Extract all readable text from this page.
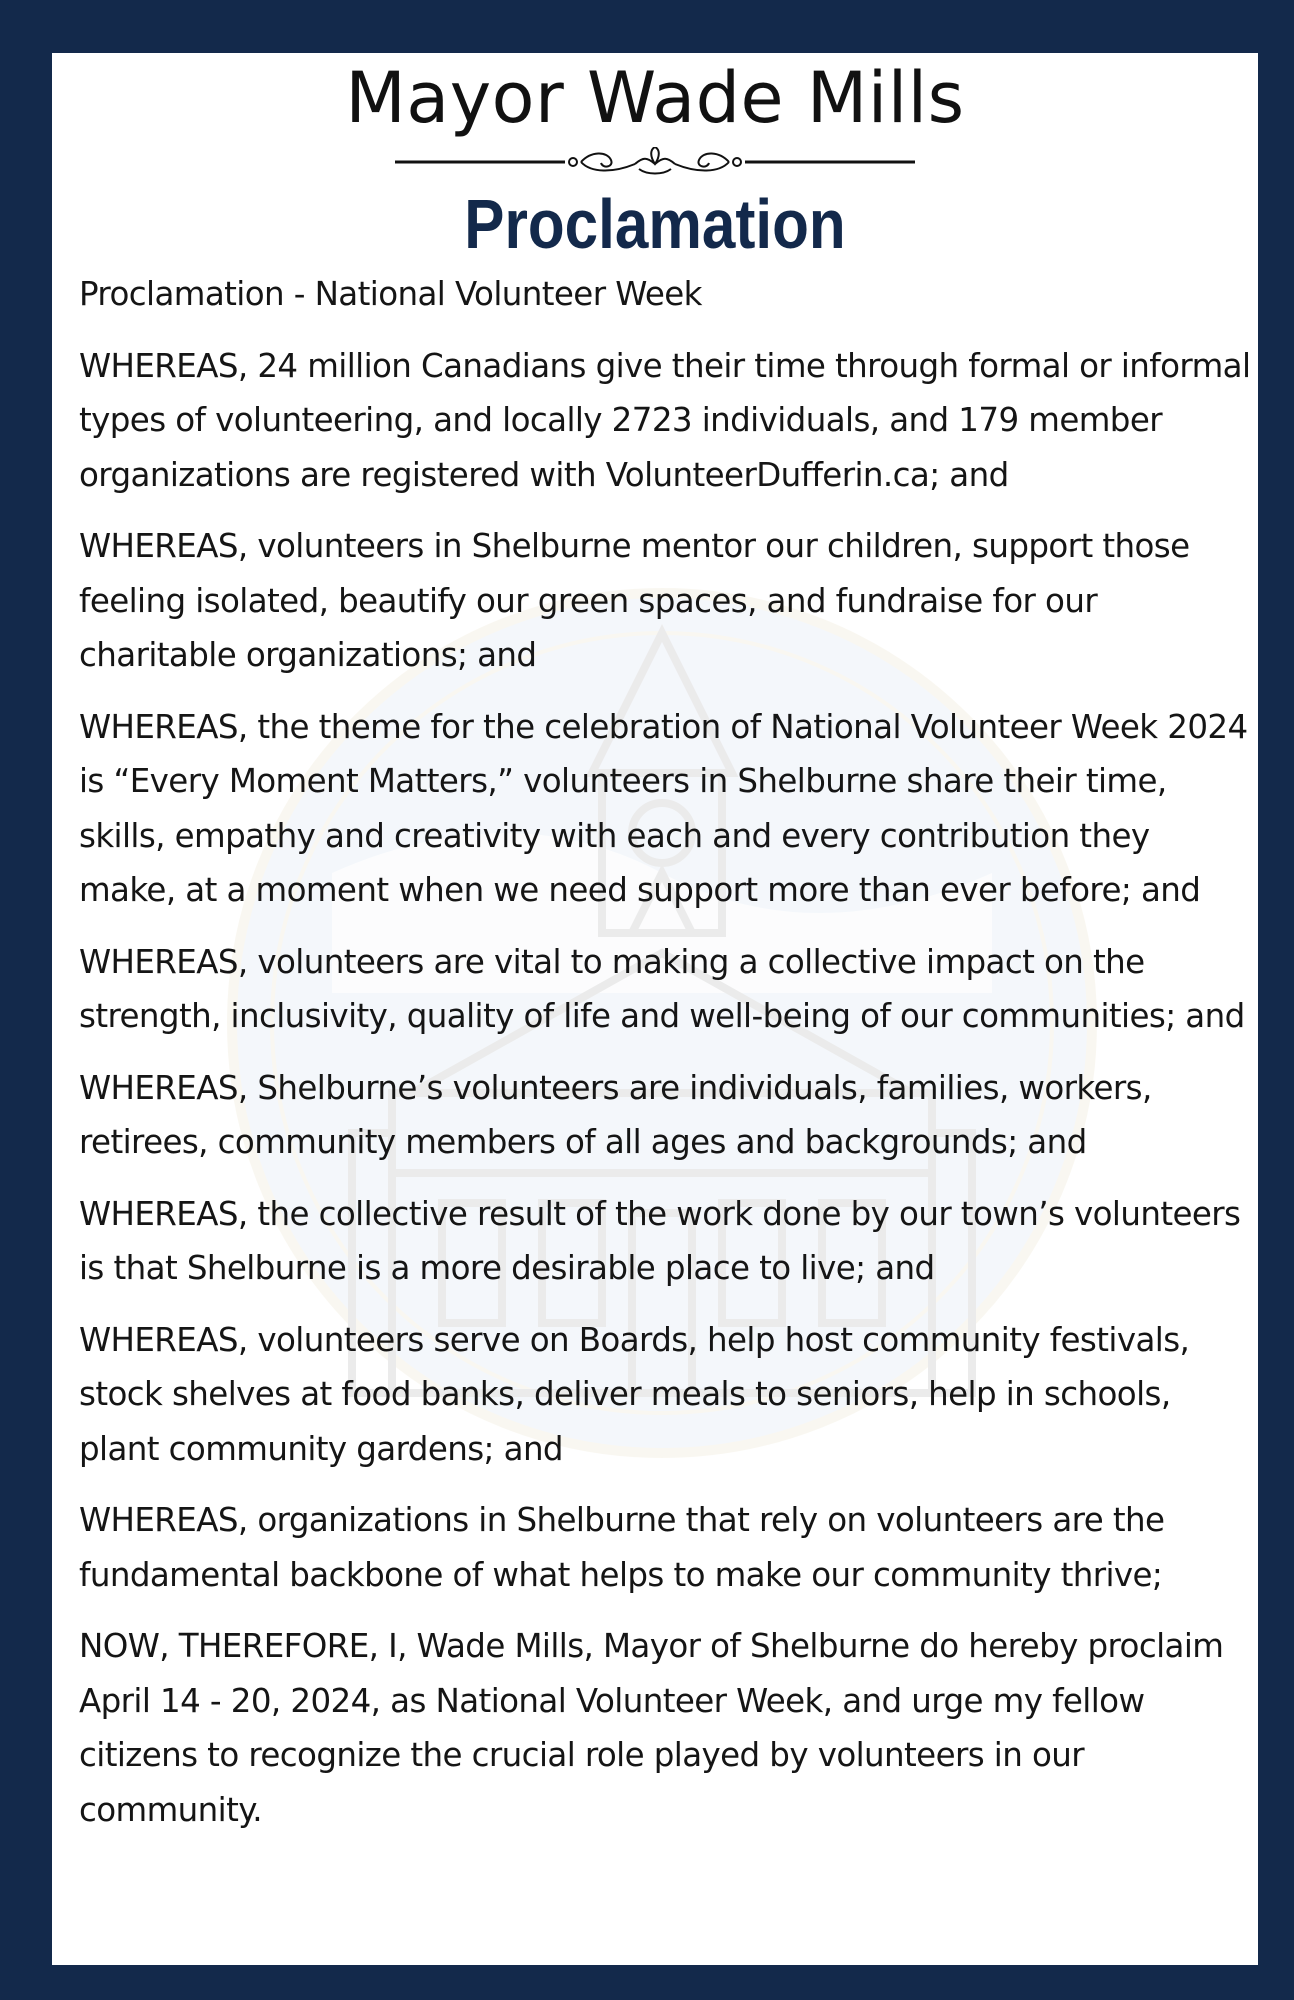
Mayor Wade Mills
Proclamation

Proclamation - National Volunteer Week

WHEREAS, 24 million Canadians give their time through formal or informal types of volunteering, and locally 2723 individuals, and 179 member organizations are registered with VolunteerDufferin.ca; and

WHEREAS, volunteers in Shelburne mentor our children, support those feeling isolated, beautify our green spaces, and fundraise for our charitable organizations; and

WHEREAS, the theme for the celebration of National Volunteer Week 2024 is “Every Moment Matters,” volunteers in Shelburne share their time, skills, empathy and creativity with each and every contribution they make, at a moment when we need support more than ever before; and

WHEREAS, volunteers are vital to making a collective impact on the strength, inclusivity, quality of life and well-being of our communities; and

WHEREAS, Shelburne’s volunteers are individuals, families, workers, retirees, community members of all ages and backgrounds; and

WHEREAS, the collective result of the work done by our town’s volunteers is that Shelburne is a more desirable place to live; and

WHEREAS, volunteers serve on Boards, help host community festivals, stock shelves at food banks, deliver meals to seniors, help in schools, plant community gardens; and

WHEREAS, organizations in Shelburne that rely on volunteers are the fundamental backbone of what helps to make our community thrive;

NOW, THEREFORE, I, Wade Mills, Mayor of Shelburne do hereby proclaim April 14 - 20, 2024, as National Volunteer Week, and urge my fellow citizens to recognize the crucial role played by volunteers in our community.
